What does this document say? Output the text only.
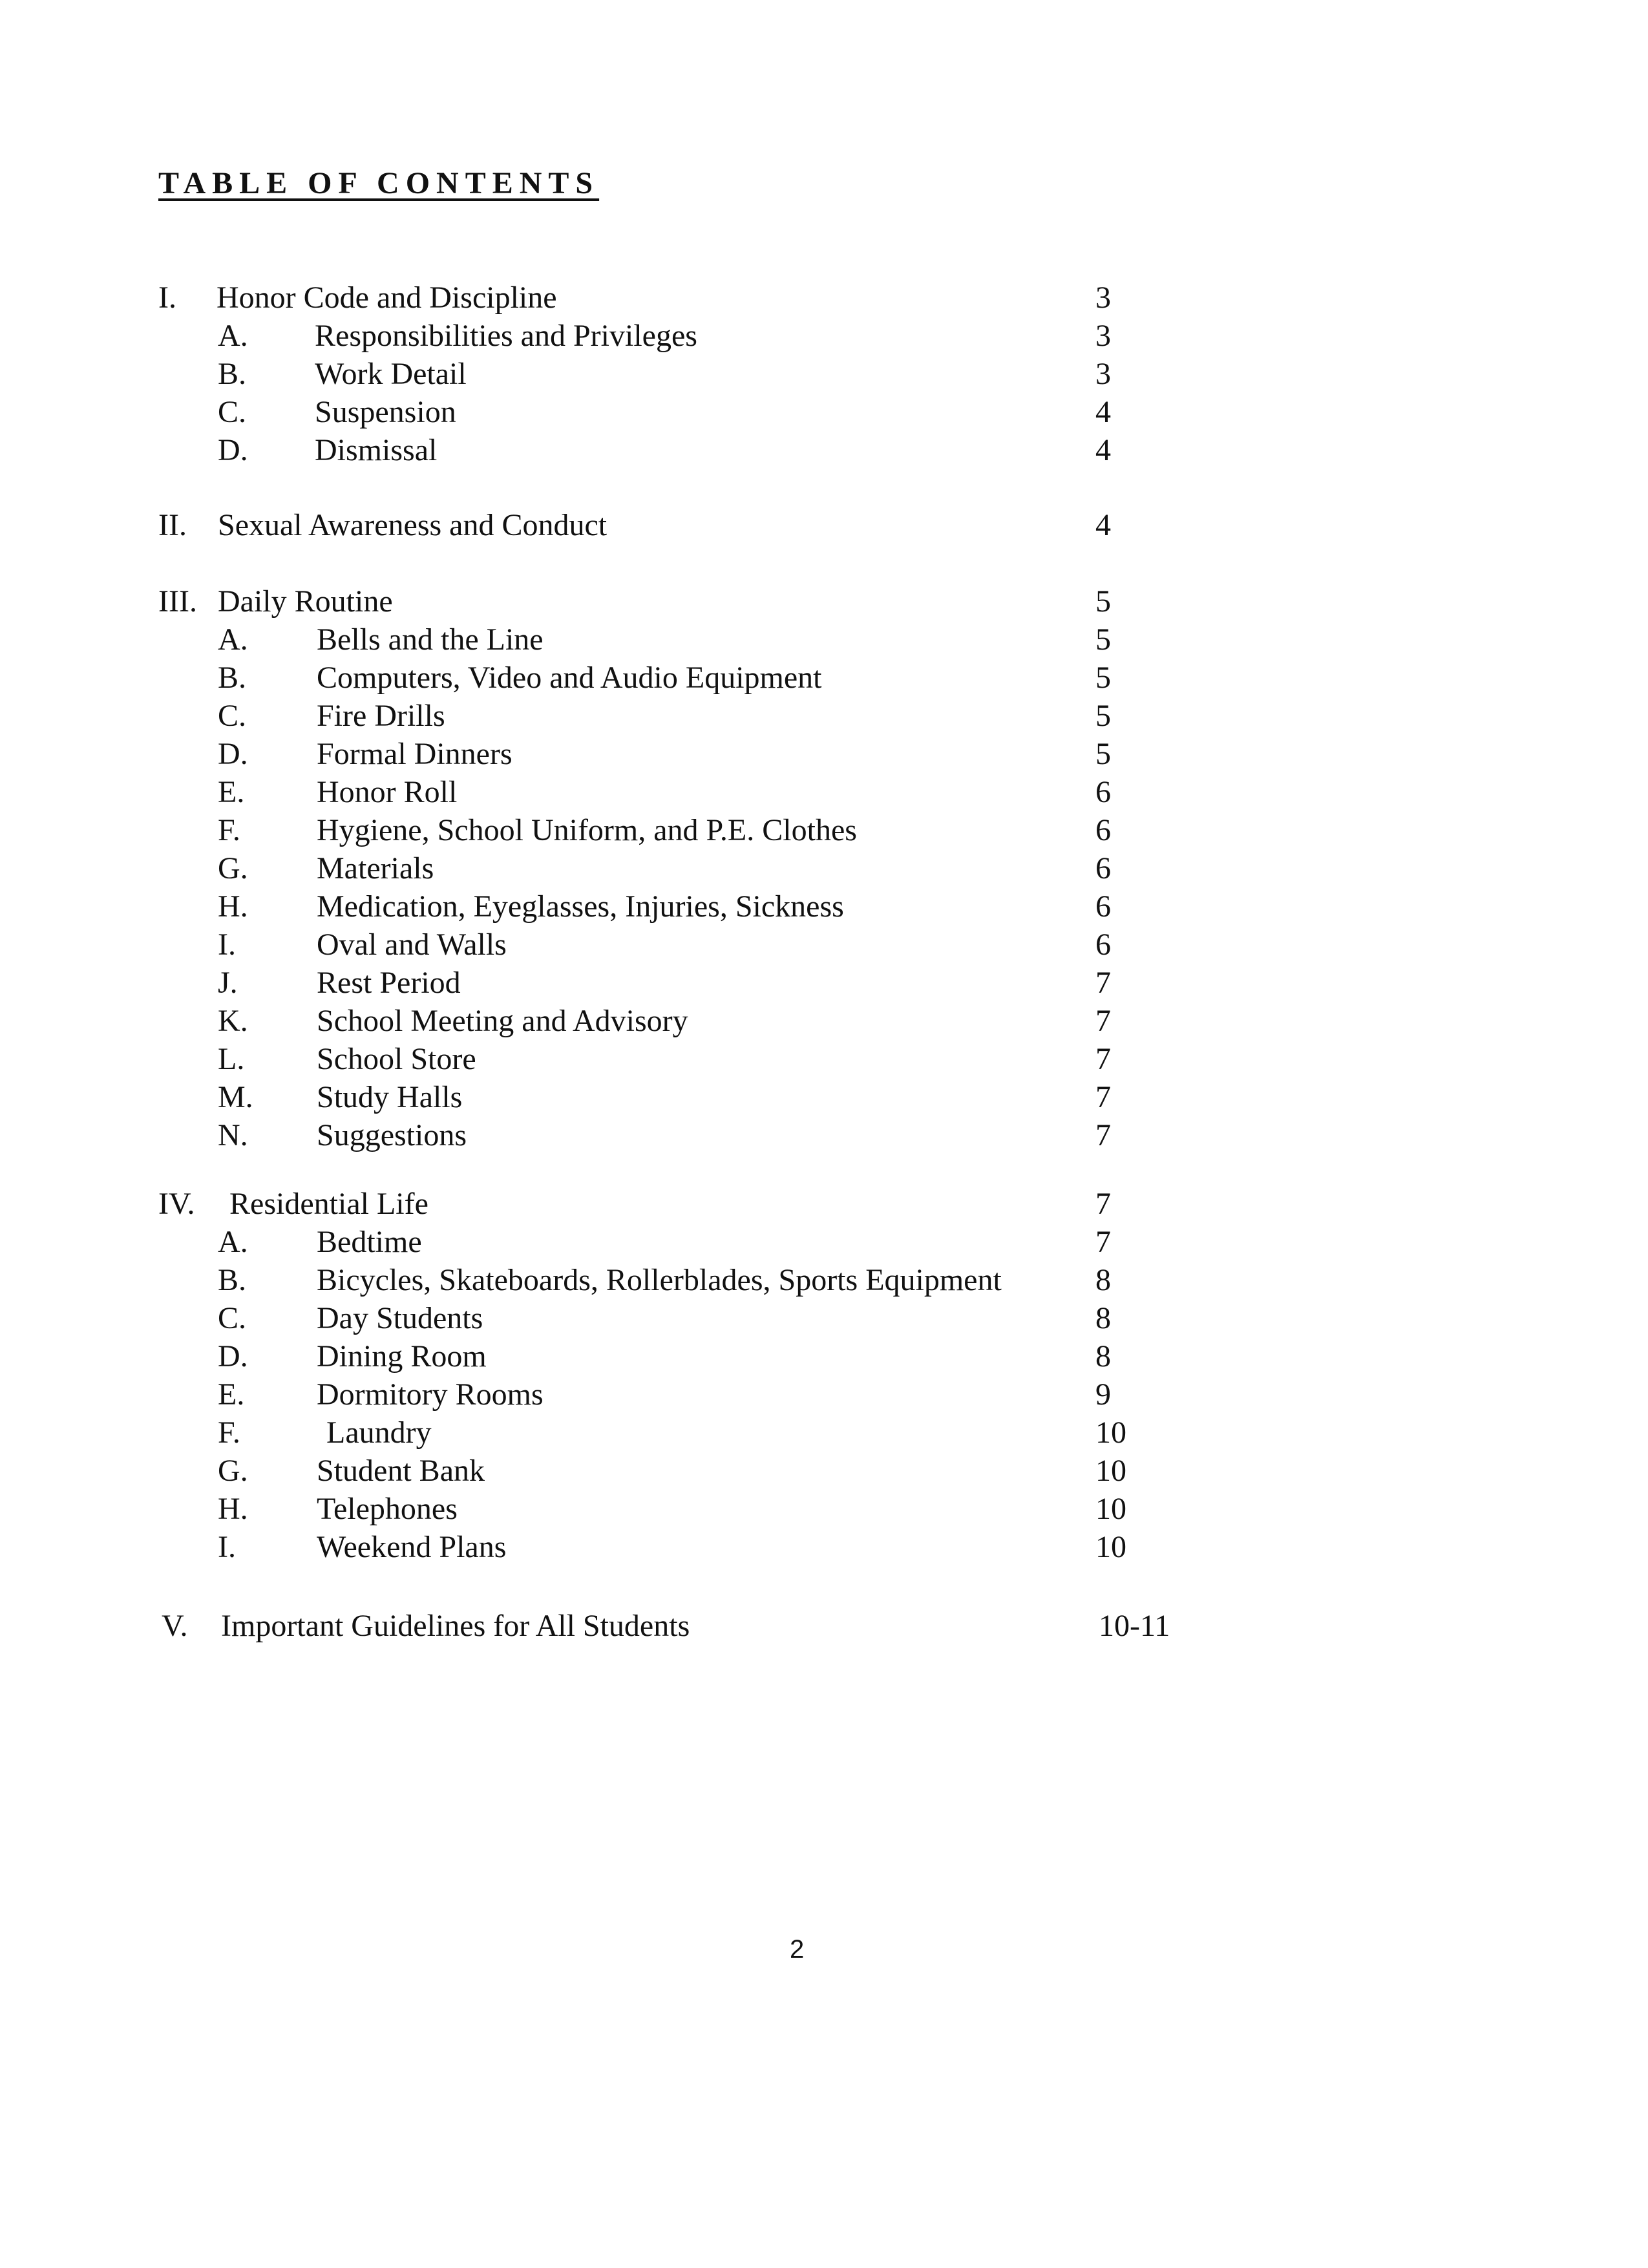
TABLE OF CONTENTS
I. Honor Code and Discipline	3
A. Responsibilities and Privileges	3
B. Work Detail	3
C. Suspension	4
D. Dismissal	4
II. Sexual Awareness and Conduct	4
III. Daily Routine	5
A. Bells and the Line	5
B. Computers, Video and Audio Equipment	5
C. Fire Drills	5
D. Formal Dinners	5
E. Honor Roll	6
F. Hygiene, School Uniform, and P.E. Clothes	6
G. Materials	6
H. Medication, Eyeglasses, Injuries, Sickness	6
I.	Oval and Walls	6
J.	Rest Period	7
K. School Meeting and Advisory	7
L. School Store	7
M. Study Halls	7
N. Suggestions	7
IV. Residential Life	7
A. Bedtime	7
B. Bicycles, Skateboards, Rollerblades, Sports Equipment	8
C. Day Students	8
D. Dining Room	8
E. Dormitory Rooms	9
F.	Laundry	10
G. Student Bank	10
H. Telephones	10
I.	Weekend Plans	10
V. Important Guidelines for All Students	10-11
2
